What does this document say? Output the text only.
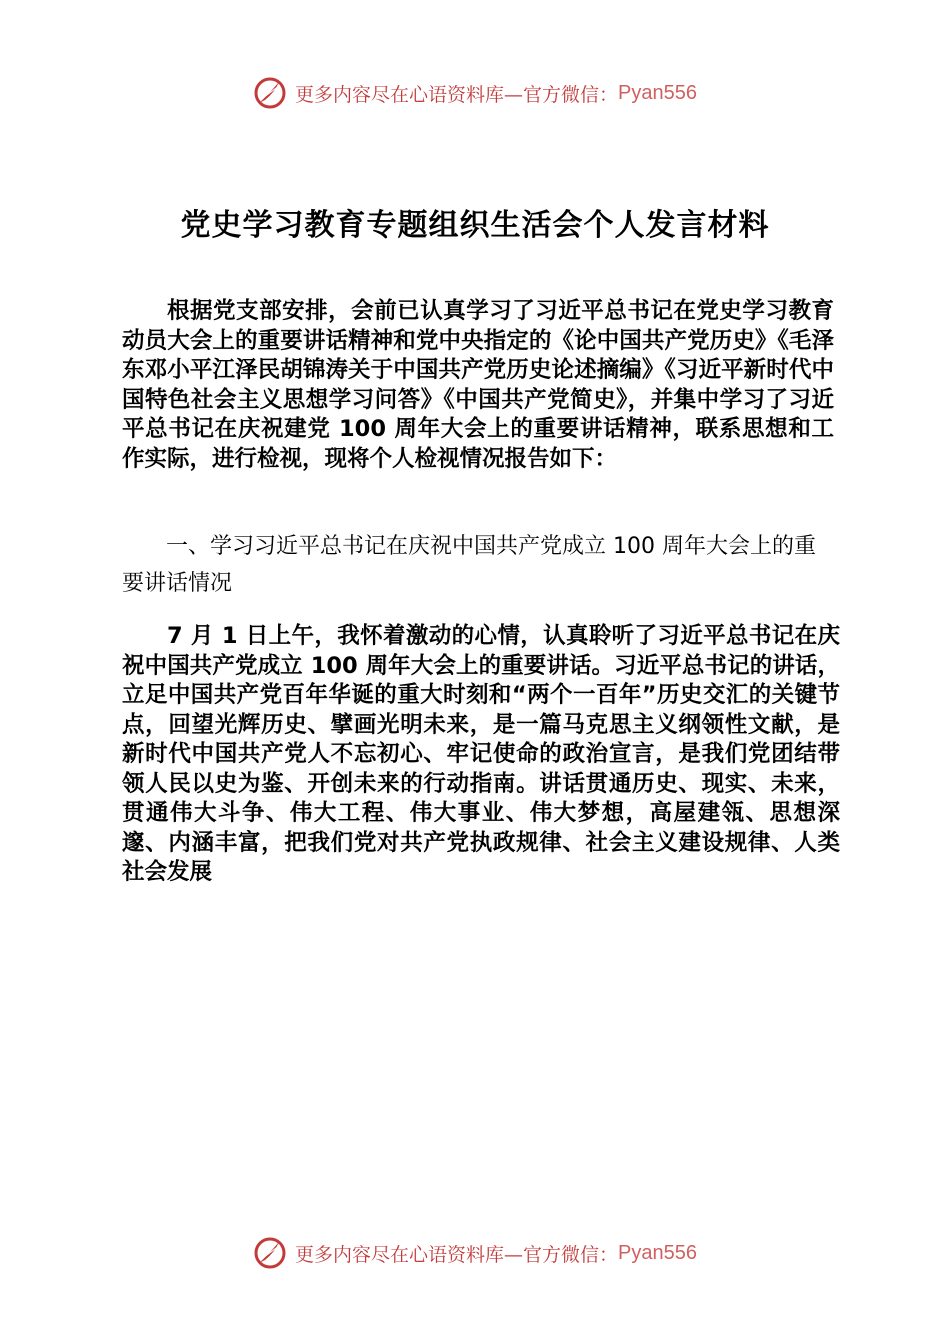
更多内容尽在心语资料库—官方微信： Pyan556
党史学习教育专题组织生活会个人发言材料

根据党支部安排，会前已认真学习了习近平总书记在党史学习教育动员大会上的重要讲话精神和党中央指定的《论中国共产党历史》《毛泽东邓小平江泽民胡锦涛关于中国共产党历史论述摘编》《习近平新时代中国特色社会主义思想学习问答》《中国共产党简史》，并集中学习了习近平总书记在庆祝建党 100 周年大会上的重要讲话精神，联系思想和工作实际，进行检视，现将个人检视情况报告如下：

一、学习习近平总书记在庆祝中国共产党成立 100 周年大会上的重要讲话情况

7 月 1 日上午，我怀着激动的心情，认真聆听了习近平总书记在庆祝中国共产党成立 100 周年大会上的重要讲话。习近平总书记的讲话，立足中国共产党百年华诞的重大时刻和“两个一百年”历史交汇的关键节点，回望光辉历史、擘画光明未来，是一篇马克思主义纲领性文献，是新时代中国共产党人不忘初心、牢记使命的政治宣言，是我们党团结带领人民以史为鉴、开创未来的行动指南。讲话贯通历史、现实、未来，贯通伟大斗争、伟大工程、伟大事业、伟大梦想，高屋建瓴、思想深邃、内涵丰富，把我们党对共产党执政规律、社会主义建设规律、人类社会发展

更多内容尽在心语资料库—官方微信： Pyan556
